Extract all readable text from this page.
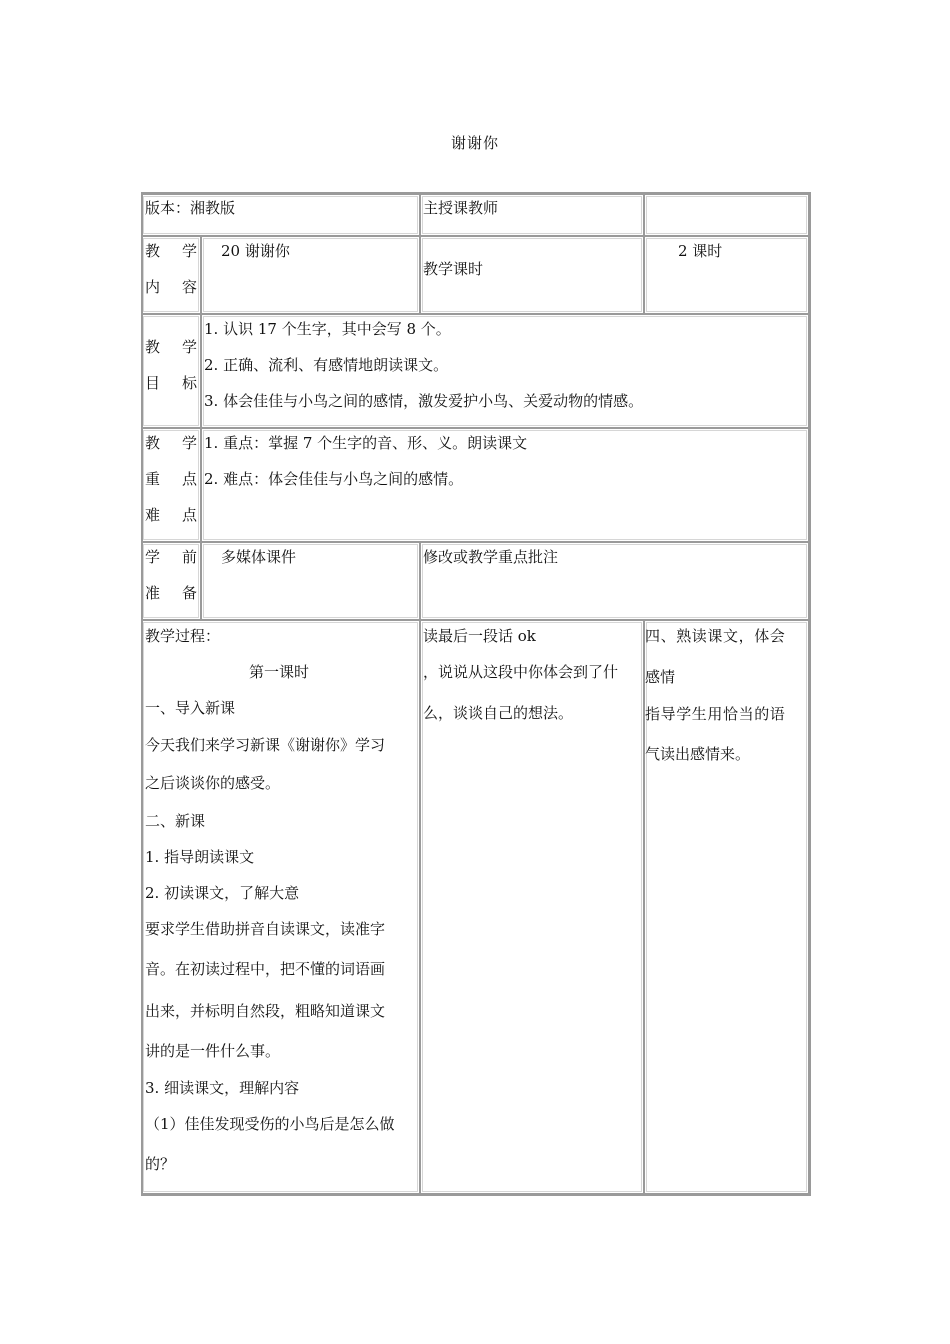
谢谢你
版本：湘教版	主授课教师
教 学
内 容
20 谢谢你
教学课时
2 课时
教 学
目 标
1. 认识 17 个生字，其中会写 8 个。
2. 正确、流利、有感情地朗读课文。
3. 体会佳佳与小鸟之间的感情，激发爱护小鸟、关爱动物的情感。
教 学
重 点
难 点
1. 重点：掌握 7 个生字的音、形、义。朗读课文
2. 难点：体会佳佳与小鸟之间的感情。
学 前
准 备
多媒体课件	修改或教学重点批注
教学过程：
第一课时
一、导入新课
今天我们来学习新课《谢谢你》学习
之后谈谈你的感受。
二、新课
1. 指导朗读课文
2. 初读课文，了解大意
要求学生借助拼音自读课文，读准字
音。在初读过程中，把不懂的词语画
出来，并标明自然段，粗略知道课文
讲的是一件什么事。
3. 细读课文，理解内容
（1）佳佳发现受伤的小鸟后是怎么做
的？
读最后一段话 ok
，说说从这段中你体会到了什
么，谈谈自己的想法。
四、熟读课文，体会
感情
指导学生用恰当的语
气读出感情来。
